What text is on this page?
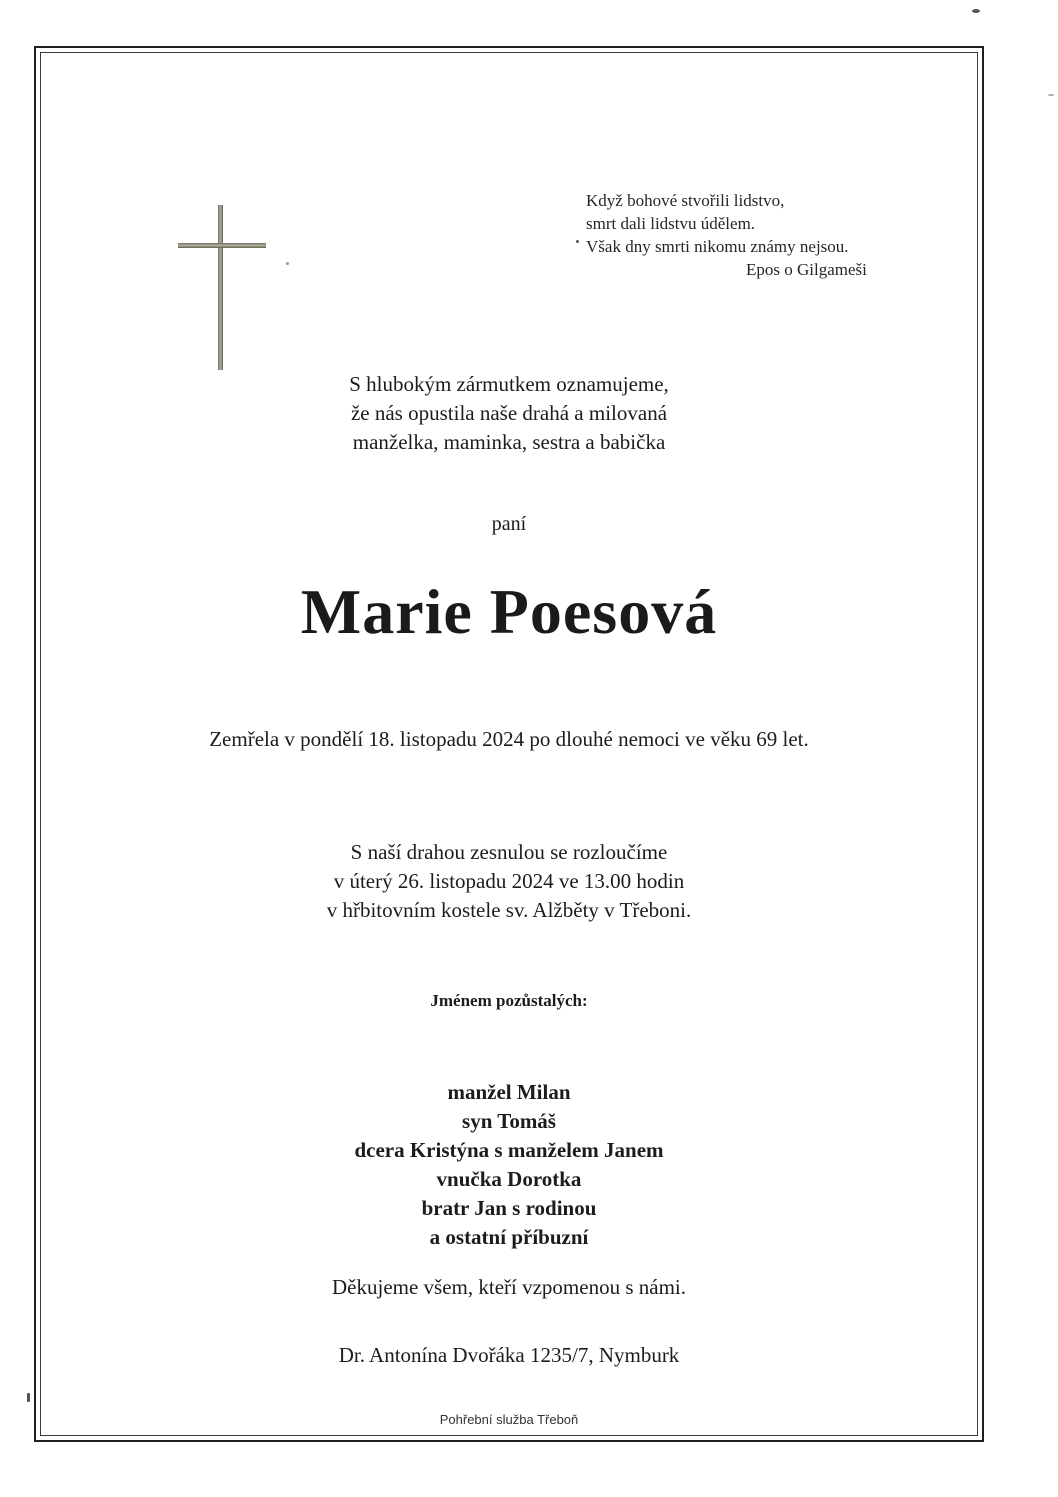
Když bohové stvořili lidstvo,
smrt dali lidstvu údělem.
Však dny smrti nikomu známy nejsou.
Epos o Gilgameši
S hlubokým zármutkem oznamujeme,
že nás opustila naše drahá a milovaná
manželka, maminka, sestra a babička
paní
Marie Poesová
Zemřela v pondělí 18. listopadu 2024 po dlouhé nemoci ve věku 69 let.
S naší drahou zesnulou se rozloučíme
v úterý 26. listopadu 2024 ve 13.00 hodin
v hřbitovním kostele sv. Alžběty v Třeboni.
Jménem pozůstalých:
manžel Milan
syn Tomáš
dcera Kristýna s manželem Janem
vnučka Dorotka
bratr Jan s rodinou
a ostatní příbuzní
Děkujeme všem, kteří vzpomenou s námi.
Dr. Antonína Dvořáka 1235/7, Nymburk
Pohřební služba Třeboň
